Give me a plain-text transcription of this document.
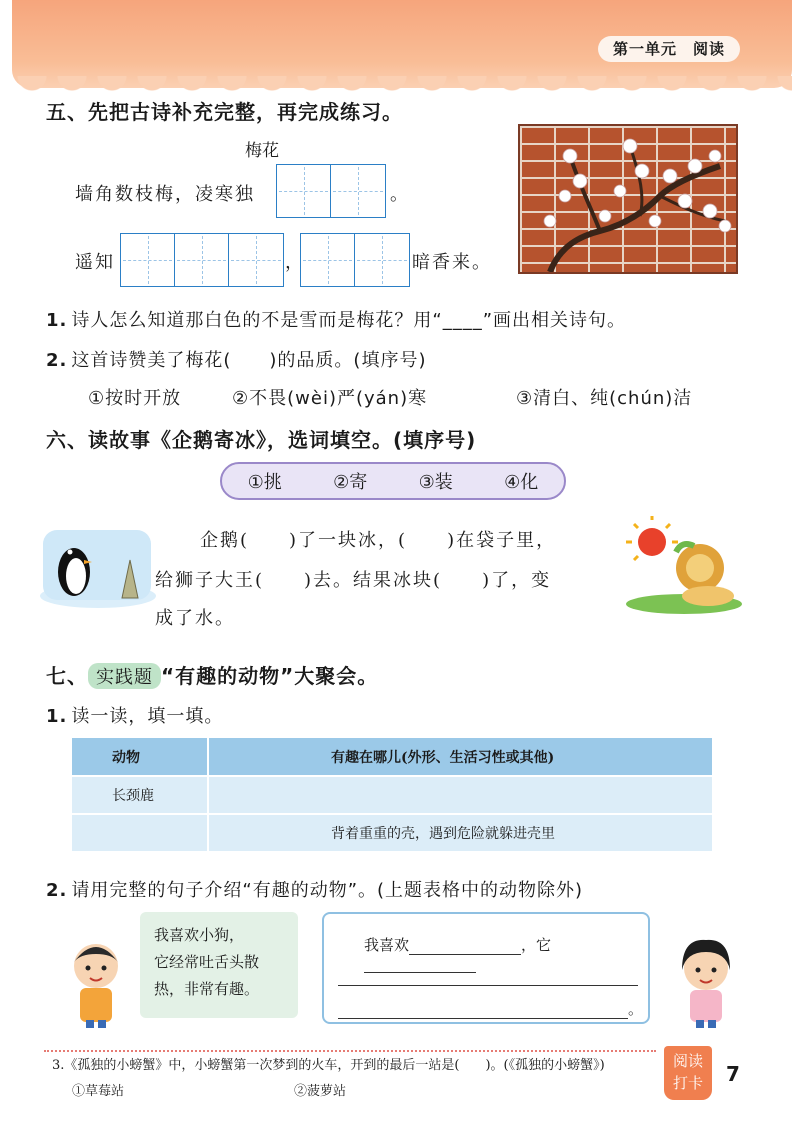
第一单元　阅读
五、先把古诗补充完整，再完成练习。
梅花
墙角数枝梅，凌寒独	。
遥知	，	暗香来。
1. 诗人怎么知道那白色的不是雪而是梅花？用“____”画出相关诗句。
2. 这首诗赞美了梅花(　　)的品质。(填序号)
①按时开放	②不畏(wèi)严(yán)寒	③清白、纯(chún)洁
六、读故事《企鹅寄冰》，选词填空。(填序号)
①挑	②寄	③装	④化
企鹅(　　)了一块冰，(　　)在袋子里，
给狮子大王(　　)去。结果冰块(　　)了，变
成了水。
七、 实践题 “有趣的动物”大聚会。
1. 读一读，填一填。
动物	有趣在哪儿(外形、生活习性或其他)
长颈鹿	
	背着重重的壳，遇到危险就躲进壳里
2. 请用完整的句子介绍“有趣的动物”。(上题表格中的动物除外)
我喜欢小狗，
它经常吐舌头散
热，非常有趣。
我喜欢	，它
。
3.《孤独的小螃蟹》中，小螃蟹第一次梦到的火车，开到的最后一站是(　　)。(《孤独的小螃蟹》)
①草莓站	②菠萝站
阅读
打卡	7
